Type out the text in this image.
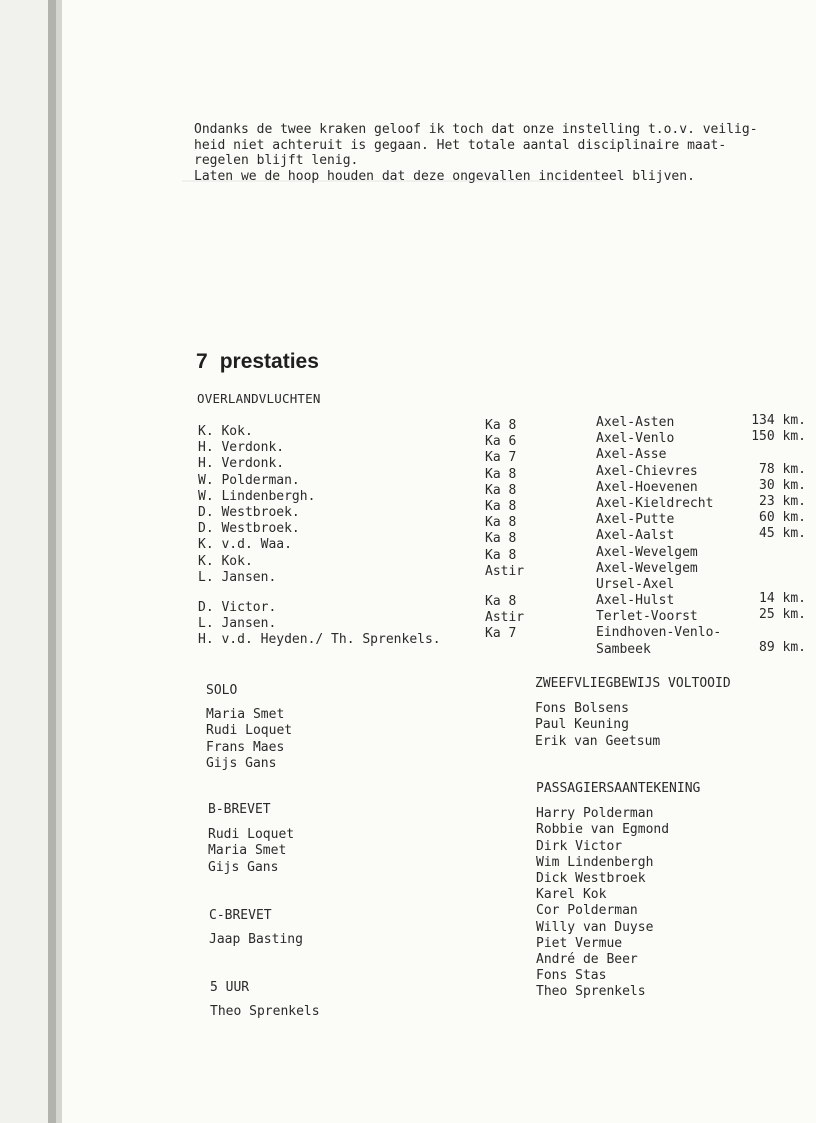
Ondanks de twee kraken geloof ik toch dat onze instelling t.o.v. veilig-
heid niet achteruit is gegaan. Het totale aantal disciplinaire maat-
regelen blijft lenig.
Laten we de hoop houden dat deze ongevallen incidenteel blijven.
7 prestaties
OVERLANDVLUCHTEN
K. Kok.
H. Verdonk.
H. Verdonk.
W. Polderman.
W. Lindenbergh.
D. Westbroek.
D. Westbroek.
K. v.d. Waa.
K. Kok.
L. Jansen.
D. Victor.
L. Jansen.
H. v.d. Heyden./ Th. Sprenkels.
Ka 8
Ka 6
Ka 7
Ka 8
Ka 8
Ka 8
Ka 8
Ka 8
Ka 8
Astir
Ka 8
Astir
Ka 7
Axel-Asten
Axel-Venlo
Axel-Asse
Axel-Chievres
Axel-Hoevenen
Axel-Kieldrecht
Axel-Putte
Axel-Aalst
Axel-Wevelgem
Axel-Wevelgem
Ursel-Axel
Axel-Hulst
Terlet-Voorst
Eindhoven-Venlo-
Sambeek
134 km.
150 km.
78 km.
30 km.
23 km.
60 km.
45 km.
14 km.
25 km.
89 km.
SOLO
Maria Smet
Rudi Loquet
Frans Maes
Gijs Gans
B-BREVET
Rudi Loquet
Maria Smet
Gijs Gans
C-BREVET
Jaap Basting
5 UUR
Theo Sprenkels
ZWEEFVLIEGBEWIJS VOLTOOID
Fons Bolsens
Paul Keuning
Erik van Geetsum
PASSAGIERSAANTEKENING
Harry Polderman
Robbie van Egmond
Dirk Victor
Wim Lindenbergh
Dick Westbroek
Karel Kok
Cor Polderman
Willy van Duyse
Piet Vermue
André de Beer
Fons Stas
Theo Sprenkels
